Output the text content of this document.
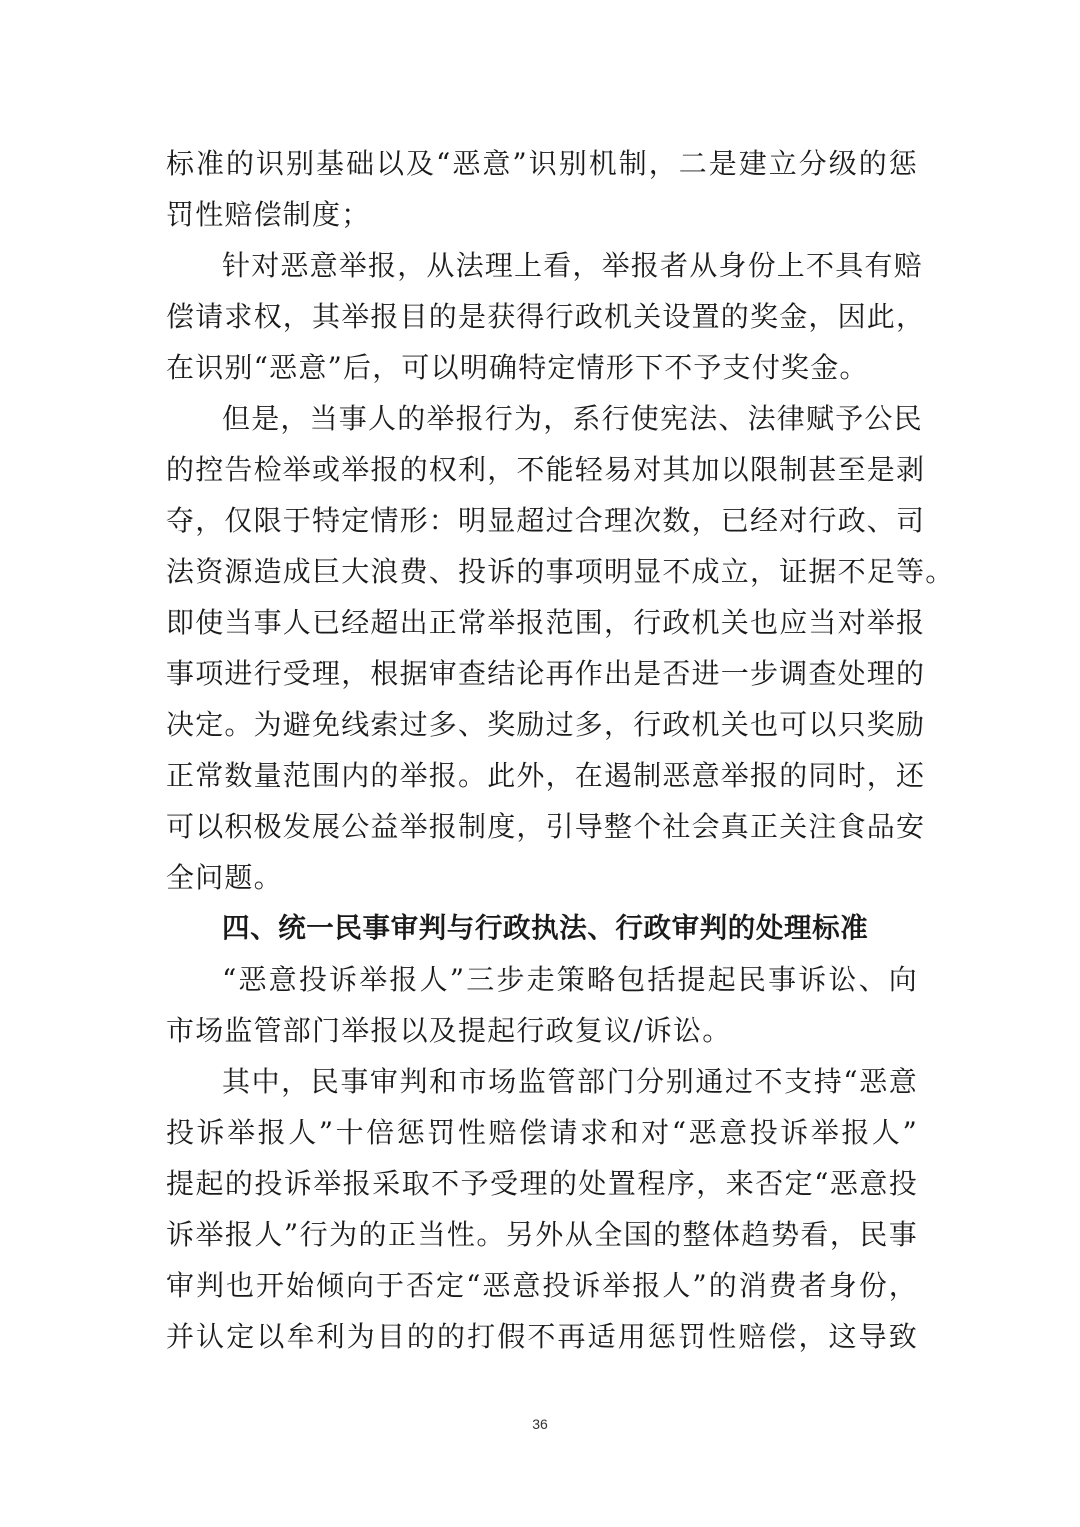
标准的识别基础以及“恶意”识别机制，二是建立分级的惩
罚性赔偿制度；
针对恶意举报，从法理上看，举报者从身份上不具有赔
偿请求权，其举报目的是获得行政机关设置的奖金，因此，
在识别“恶意”后，可以明确特定情形下不予支付奖金。
但是，当事人的举报行为，系行使宪法、法律赋予公民
的控告检举或举报的权利，不能轻易对其加以限制甚至是剥
夺，仅限于特定情形：明显超过合理次数，已经对行政、司
法资源造成巨大浪费、投诉的事项明显不成立，证据不足等。
即使当事人已经超出正常举报范围，行政机关也应当对举报
事项进行受理，根据审查结论再作出是否进一步调查处理的
决定。为避免线索过多、奖励过多，行政机关也可以只奖励
正常数量范围内的举报。此外，在遏制恶意举报的同时，还
可以积极发展公益举报制度，引导整个社会真正关注食品安
全问题。
四、统一民事审判与行政执法、行政审判的处理标准
“恶意投诉举报人”三步走策略包括提起民事诉讼、向
市场监管部门举报以及提起行政复议/诉讼。
其中，民事审判和市场监管部门分别通过不支持“恶意
投诉举报人”十倍惩罚性赔偿请求和对“恶意投诉举报人”
提起的投诉举报采取不予受理的处置程序，来否定“恶意投
诉举报人”行为的正当性。另外从全国的整体趋势看，民事
审判也开始倾向于否定“恶意投诉举报人”的消费者身份，
并认定以牟利为目的的打假不再适用惩罚性赔偿，这导致
36
